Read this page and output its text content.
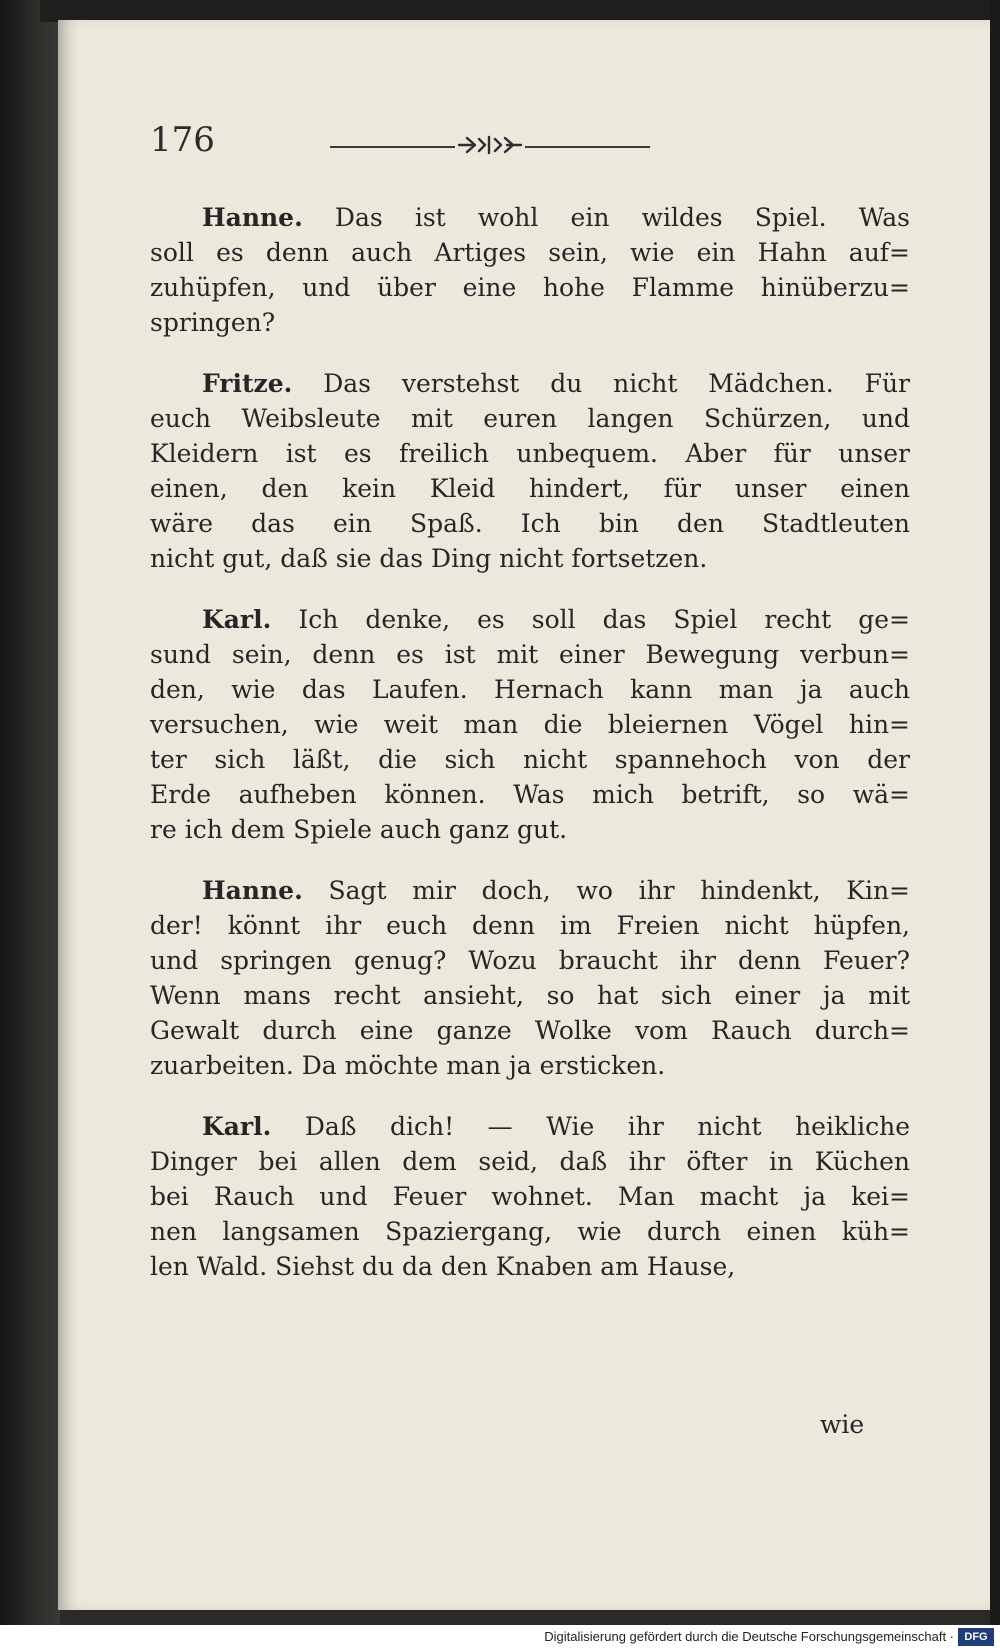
176
Hanne. Das ist wohl ein wildes Spiel. Was
soll es denn auch Artiges sein, wie ein Hahn auf=
zuhüpfen, und über eine hohe Flamme hinüberzu=
springen?
Fritze. Das verstehst du nicht Mädchen. Für
euch Weibsleute mit euren langen Schürzen, und
Kleidern ist es freilich unbequem. Aber für unser
einen, den kein Kleid hindert, für unser einen
wäre das ein Spaß. Ich bin den Stadtleuten
nicht gut, daß sie das Ding nicht fortsetzen.
Karl. Ich denke, es soll das Spiel recht ge=
sund sein, denn es ist mit einer Bewegung verbun=
den, wie das Laufen. Hernach kann man ja auch
versuchen, wie weit man die bleiernen Vögel hin=
ter sich läßt, die sich nicht spannehoch von der
Erde aufheben können. Was mich betrift, so wä=
re ich dem Spiele auch ganz gut.
Hanne. Sagt mir doch, wo ihr hindenkt, Kin=
der! könnt ihr euch denn im Freien nicht hüpfen,
und springen genug? Wozu braucht ihr denn Feuer?
Wenn mans recht ansieht, so hat sich einer ja mit
Gewalt durch eine ganze Wolke vom Rauch durch=
zuarbeiten. Da möchte man ja ersticken.
Karl. Daß dich! — Wie ihr nicht heikliche
Dinger bei allen dem seid, daß ihr öfter in Küchen
bei Rauch und Feuer wohnet. Man macht ja kei=
nen langsamen Spaziergang, wie durch einen küh=
len Wald. Siehst du da den Knaben am Hause,
wie
Digitalisierung gefördert durch die Deutsche Forschungsgemeinschaft · DFG
